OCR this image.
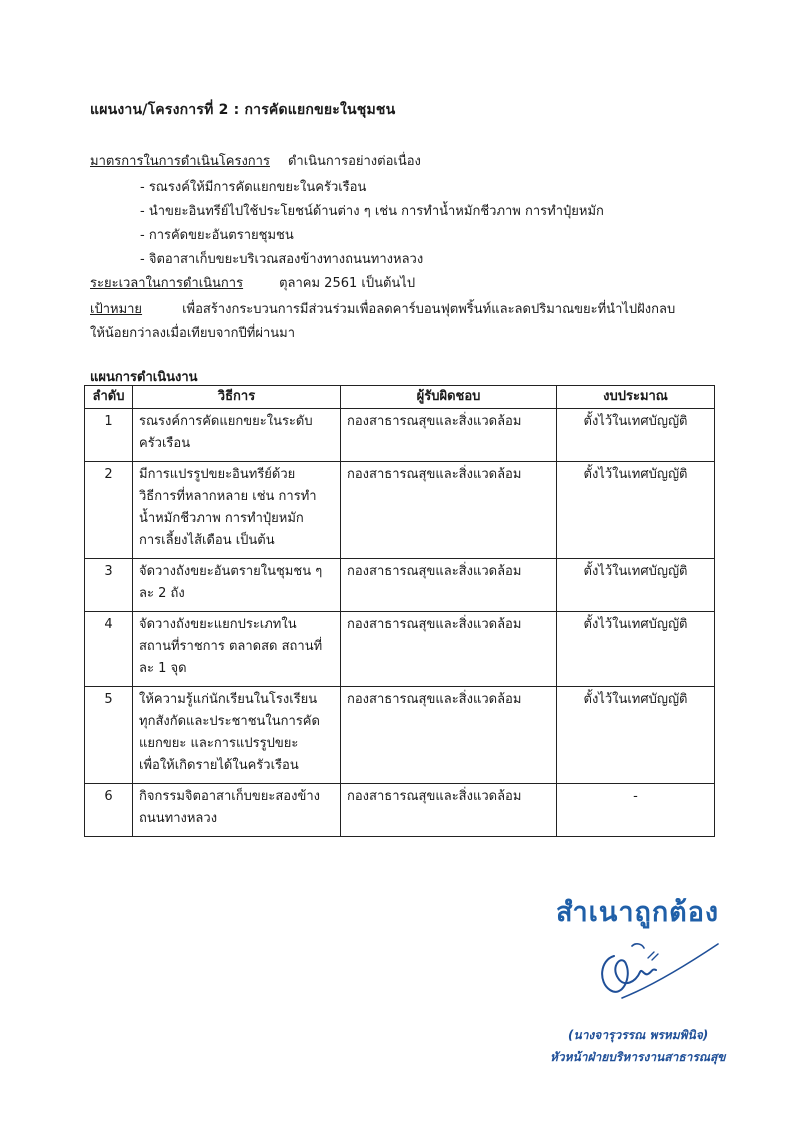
แผนงาน/โครงการที่ 2 : การคัดแยกขยะในชุมชน
มาตรการในการดำเนินโครงการ ดำเนินการอย่างต่อเนื่อง
- รณรงค์ให้มีการคัดแยกขยะในครัวเรือน
- นำขยะอินทรีย์ไปใช้ประโยชน์ด้านต่าง ๆ เช่น การทำน้ำหมักชีวภาพ การทำปุ๋ยหมัก
- การคัดขยะอันตรายชุมชน
- จิตอาสาเก็บขยะบริเวณสองข้างทางถนนทางหลวง
ระยะเวลาในการดำเนินการ	ตุลาคม 2561 เป็นต้นไป
เป้าหมาย	เพื่อสร้างกระบวนการมีส่วนร่วมเพื่อลดคาร์บอนฟุตพริ้นท์และลดปริมาณขยะที่นำไปฝังกลบ
ให้น้อยกว่าลงเมื่อเทียบจากปีที่ผ่านมา
แผนการดำเนินงาน
ลำดับ	วิธีการ	ผู้รับผิดชอบ	งบประมาณ
1	รณรงค์การคัดแยกขยะในระดับ
ครัวเรือน	กองสาธารณสุขและสิ่งแวดล้อม	ตั้งไว้ในเทศบัญญัติ
2	มีการแปรรูปขยะอินทรีย์ด้วย
วิธีการที่หลากหลาย เช่น การทำ
น้ำหมักชีวภาพ การทำปุ๋ยหมัก
การเลี้ยงไส้เดือน เป็นต้น	กองสาธารณสุขและสิ่งแวดล้อม	ตั้งไว้ในเทศบัญญัติ
3	จัดวางถังขยะอันตรายในชุมชน ๆ
ละ 2 ถัง	กองสาธารณสุขและสิ่งแวดล้อม	ตั้งไว้ในเทศบัญญัติ
4	จัดวางถังขยะแยกประเภทใน
สถานที่ราชการ ตลาดสด สถานที่
ละ 1 จุด	กองสาธารณสุขและสิ่งแวดล้อม	ตั้งไว้ในเทศบัญญัติ
5	ให้ความรู้แก่นักเรียนในโรงเรียน
ทุกสังกัดและประชาชนในการคัด
แยกขยะ และการแปรรูปขยะ
เพื่อให้เกิดรายได้ในครัวเรือน	กองสาธารณสุขและสิ่งแวดล้อม	ตั้งไว้ในเทศบัญญัติ
6	กิจกรรมจิตอาสาเก็บขยะสองข้าง
ถนนทางหลวง	กองสาธารณสุขและสิ่งแวดล้อม	-
สำเนาถูกต้อง
(นางจารุวรรณ พรหมพินิจ)
หัวหน้าฝ่ายบริหารงานสาธารณสุข
